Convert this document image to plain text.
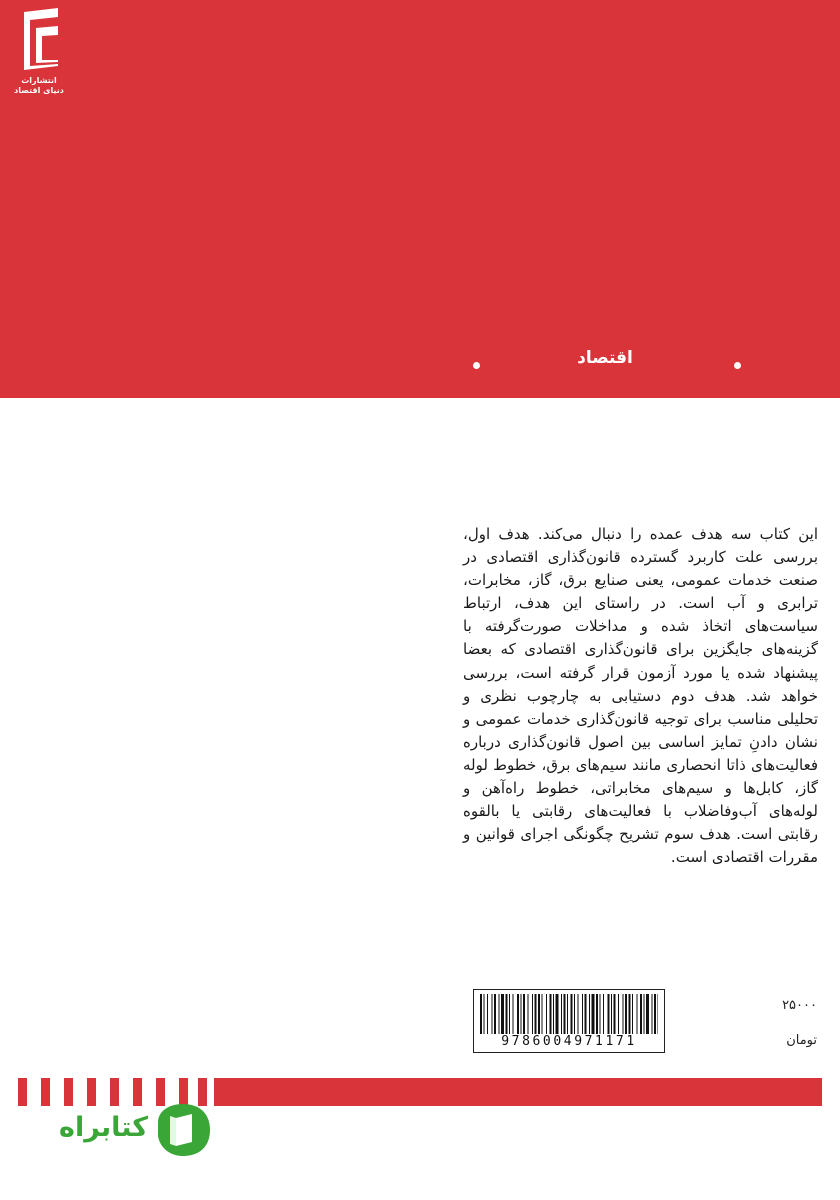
انتشارات دنیای اقتصاد
اقتصاد
این کتاب سه هدف عمده را دنبال می‌کند. هدف اول، بررسی علت کاربرد گسترده قانون‌گذاری اقتصادی در صنعت خدمات عمومی، یعنی صنایع برق، گاز، مخابرات، ترابری و آب است. در راستای این هدف، ارتباط سیاست‌های اتخاذ شده و مداخلات صورت‌گرفته با گزینه‌های جایگزین برای قانون‌گذاری اقتصادی که بعضا پیشنهاد شده یا مورد آزمون قرار گرفته است، بررسی خواهد شد. هدف دوم دستیابی به چارچوب نظری و تحلیلی مناسب برای توجیه قانون‌گذاری خدمات عمومی و نشان دادنِ تمایز اساسی بین اصول قانون‌گذاری درباره فعالیت‌های ذاتا انحصاری مانند سیم‌های برق، خطوط لوله گاز، کابل‌ها و سیم‌های مخابراتی، خطوط راه‌آهن و لوله‌های آب‌وفاضلاب با فعالیت‌های رقابتی یا بالقوه رقابتی است. هدف سوم تشریح چگونگی اجرای قوانین و مقررات اقتصادی است.
9786004971171
۲۵۰۰۰
تومان
کتابراه
